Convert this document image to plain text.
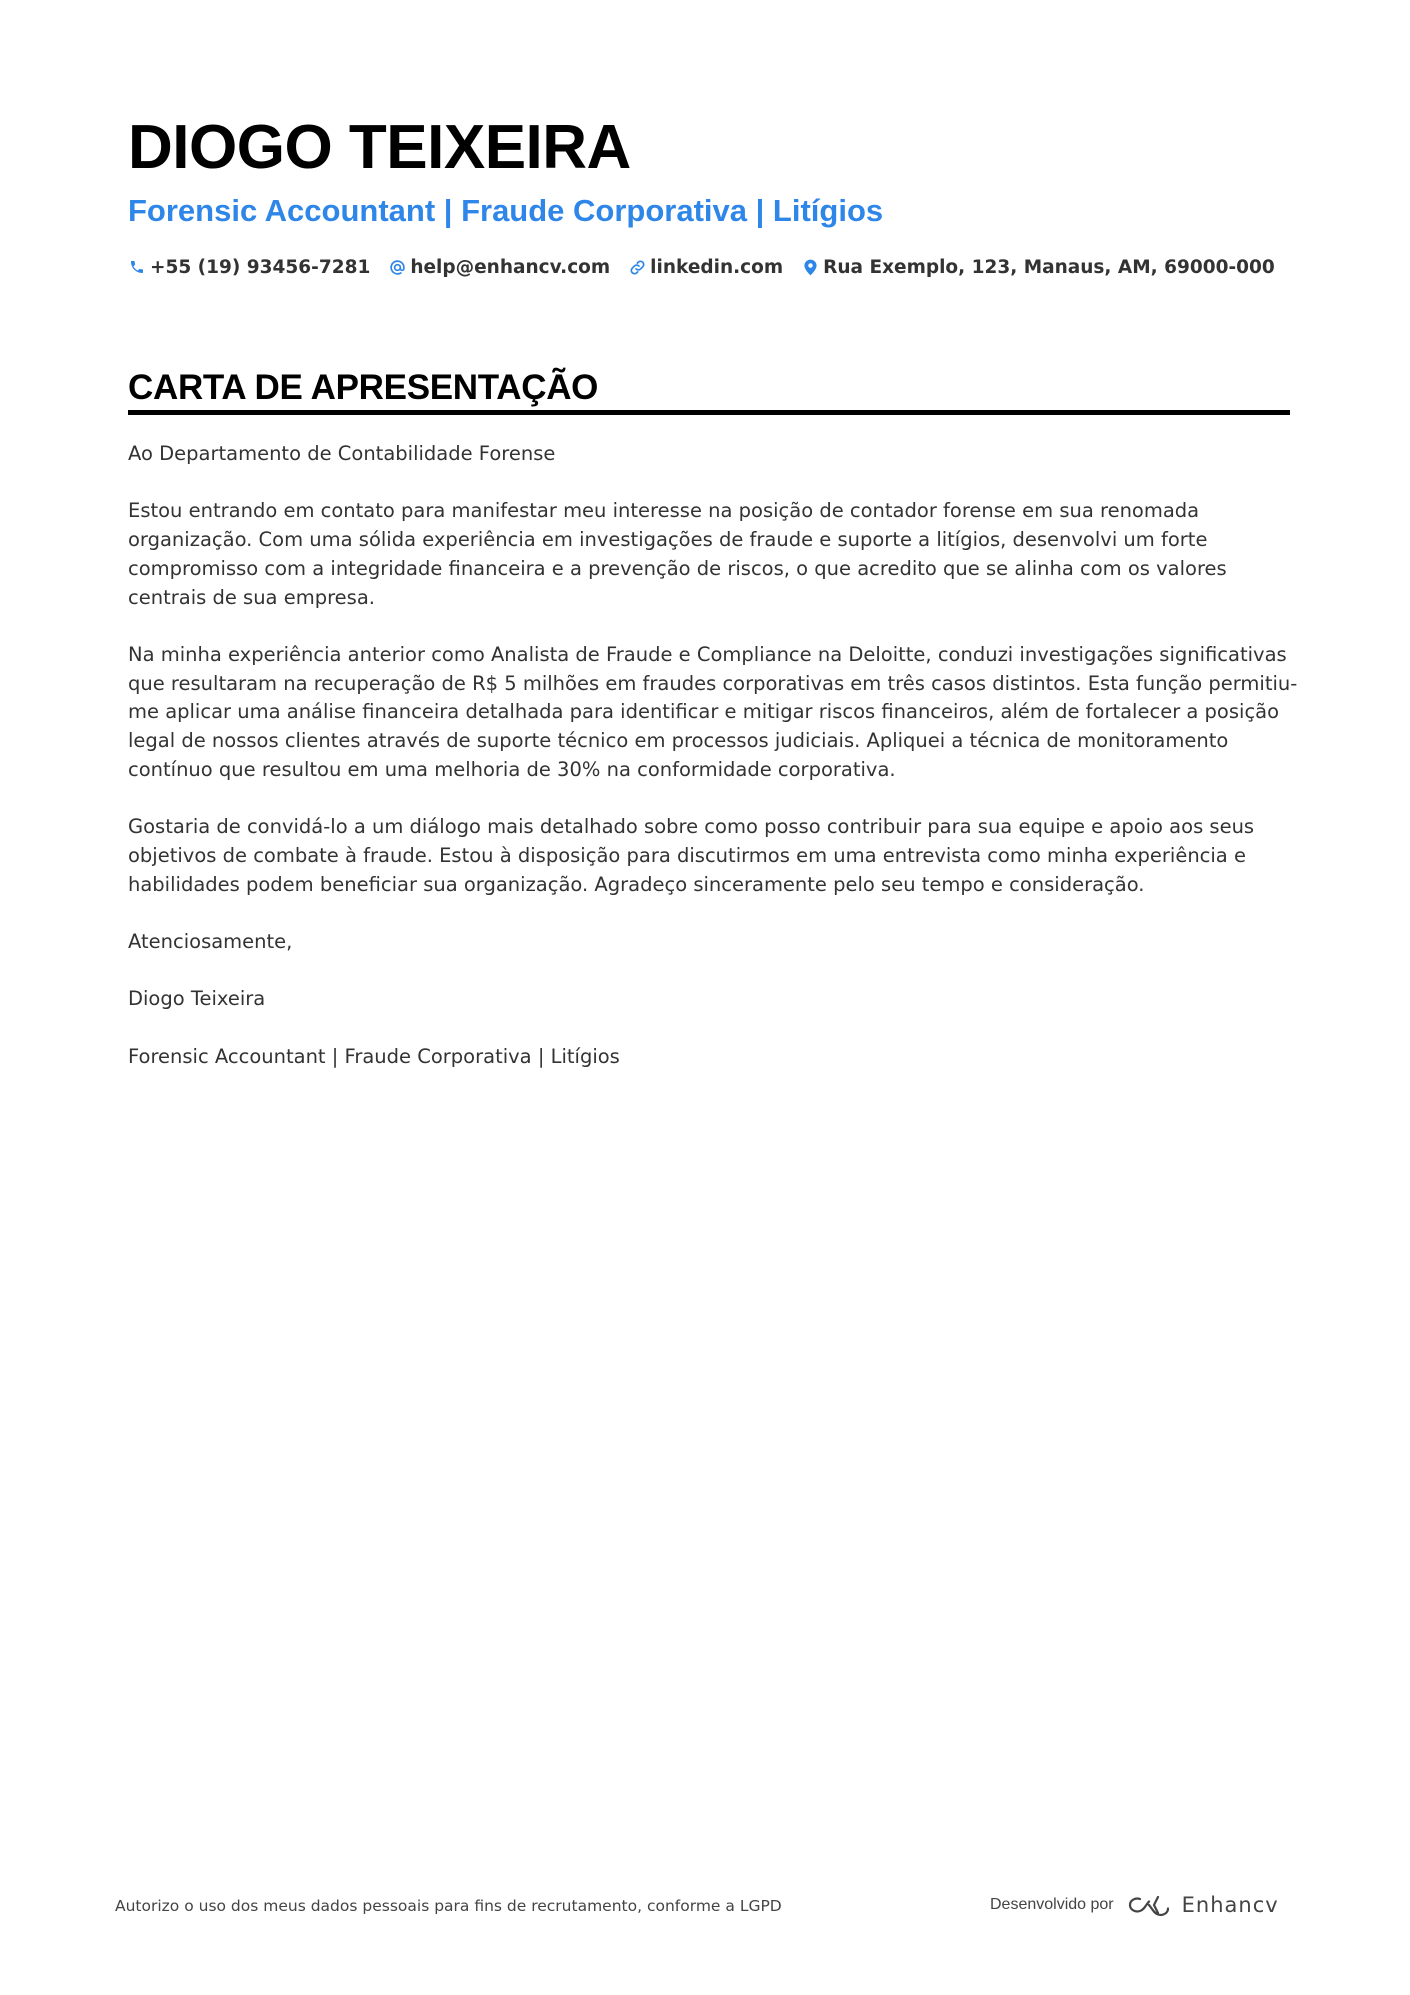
DIOGO TEIXEIRA
Forensic Accountant | Fraude Corporativa | Litígios
+55 (19) 93456-7281 help@enhancv.com linkedin.com Rua Exemplo, 123, Manaus, AM, 69000-000
CARTA DE APRESENTAÇÃO

Ao Departamento de Contabilidade Forense

Estou entrando em contato para manifestar meu interesse na posição de contador forense em sua renomada organização. Com uma sólida experiência em investigações de fraude e suporte a litígios, desenvolvi um forte compromisso com a integridade financeira e a prevenção de riscos, o que acredito que se alinha com os valores centrais de sua empresa.

Na minha experiência anterior como Analista de Fraude e Compliance na Deloitte, conduzi investigações significativas que resultaram na recuperação de R$ 5 milhões em fraudes corporativas em três casos distintos. Esta função permitiu-me aplicar uma análise financeira detalhada para identificar e mitigar riscos financeiros, além de fortalecer a posição legal de nossos clientes através de suporte técnico em processos judiciais. Apliquei a técnica de monitoramento contínuo que resultou em uma melhoria de 30% na conformidade corporativa.

Gostaria de convidá-lo a um diálogo mais detalhado sobre como posso contribuir para sua equipe e apoio aos seus objetivos de combate à fraude. Estou à disposição para discutirmos em uma entrevista como minha experiência e habilidades podem beneficiar sua organização. Agradeço sinceramente pelo seu tempo e consideração.

Atenciosamente,

Diogo Teixeira

Forensic Accountant | Fraude Corporativa | Litígios

Autorizo o uso dos meus dados pessoais para fins de recrutamento, conforme a LGPD	Desenvolvido por	Enhancv
